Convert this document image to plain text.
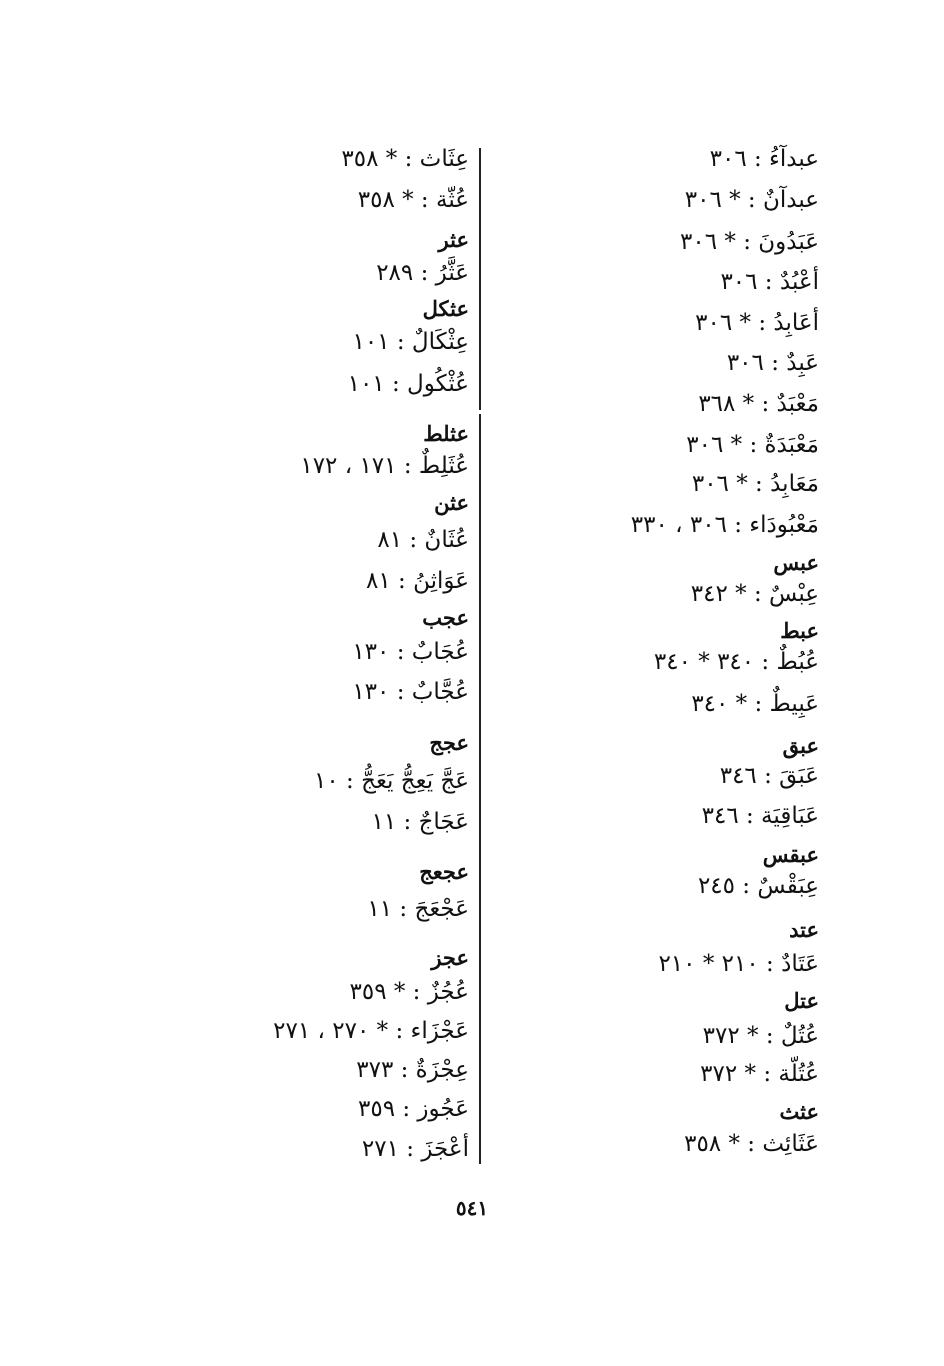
عبدآءُ : ٣٠٦
عبدآنٌ : * ٣٠٦
عَبَدُونَ : * ٣٠٦
أعْبُدٌ : ٣٠٦
أعَابِدُ : * ٣٠٦
عَبِدٌ : ٣٠٦
مَعْبَدٌ : * ٣٦٨
مَعْبَدَةٌ : * ٣٠٦
مَعَابِدُ : * ٣٠٦
مَعْبُودَاء : ٣٠٦ ، ٣٣٠
عبس
عِبْسٌ : * ٣٤٢
عبط
عُبُطٌ : ٣٤٠ * ٣٤٠
عَبِيطٌ : * ٣٤٠
عبق
عَبَقَ : ٣٤٦
عَبَاقِيَة : ٣٤٦
عبقس
عِبَقْسٌ : ٢٤٥
عتد
عَتَادٌ : ٢١٠ * ٢١٠
عتل
عُتُلٌ : * ٣٧٢
عُتُلّة : * ٣٧٢
عثث
عَثَائِث : * ٣٥٨
عِثَاث : * ٣٥٨
عُثّة : * ٣٥٨
عثر
عَثَّرُ : ٢٨٩
عثكل
عِثْكَالٌ : ١٠١
عُثْكُول : ١٠١
عثلط
عُثَلِطٌ : ١٧١ ، ١٧٢
عثن
عُثَانٌ : ٨١
عَوَاثِنُ : ٨١
عجب
عُجَابٌ : ١٣٠
عُجَّابٌ : ١٣٠
عجج
عَجَّ يَعِجُّ يَعَجُّ : ١٠
عَجَاجٌ : ١١
عجعج
عَجْعَجَ : ١١
عجز
عُجُزٌ : * ٣٥٩
عَجْزَاء : * ٢٧٠ ، ٢٧١
عِجْزَةٌ : ٣٧٣
عَجُوز : ٣٥٩
أعْجَزَ : ٢٧١
٥٤١
